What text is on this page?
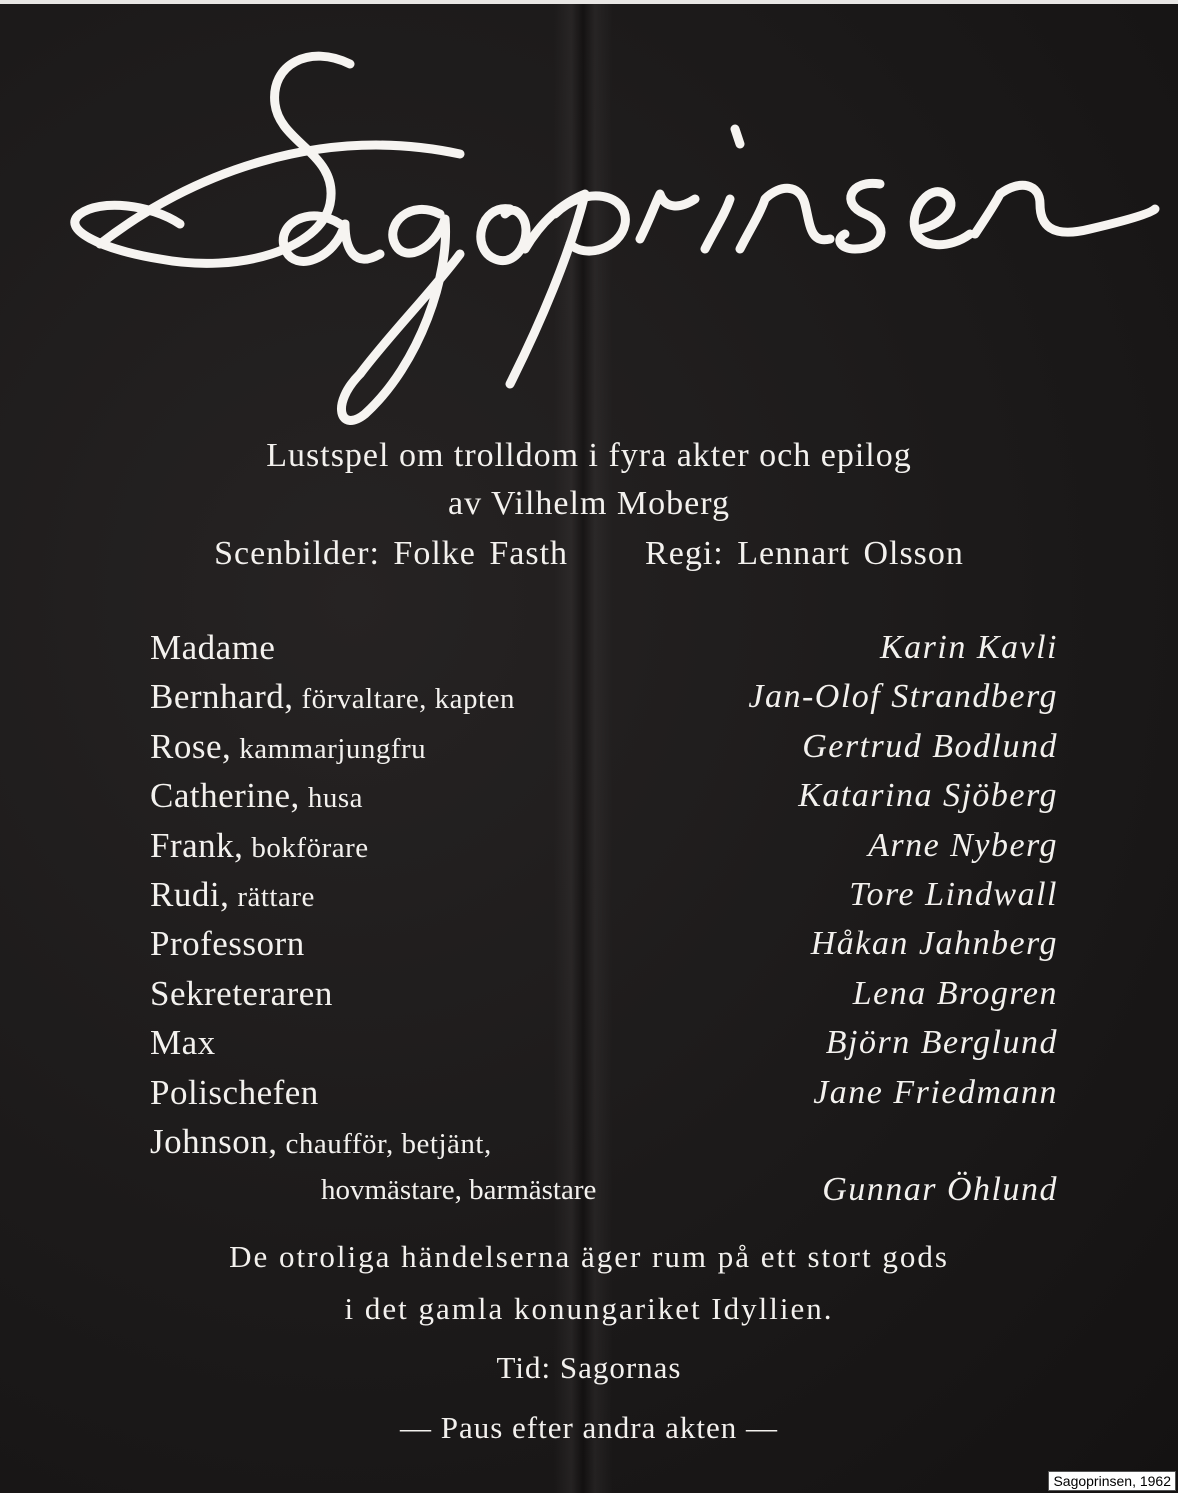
Lustspel om trolldom i fyra akter och epilog
av Vilhelm Moberg
Scenbilder: Folke Fasth Regi: Lennart Olsson
Madame	Karin Kavli
Bernhard, förvaltare, kapten	Jan-Olof Strandberg
Rose, kammarjungfru	Gertrud Bodlund
Catherine, husa	Katarina Sjöberg
Frank, bokförare	Arne Nyberg
Rudi, rättare	Tore Lindwall
Professorn	Håkan Jahnberg
Sekreteraren	Lena Brogren
Max	Björn Berglund
Polischefen	Jane Friedmann
Johnson, chaufför, betjänt,
hovmästare, barmästare	Gunnar Öhlund
De otroliga händelserna äger rum på ett stort gods
i det gamla konungariket Idyllien.
Tid: Sagornas
— Paus efter andra akten —
Sagoprinsen, 1962
